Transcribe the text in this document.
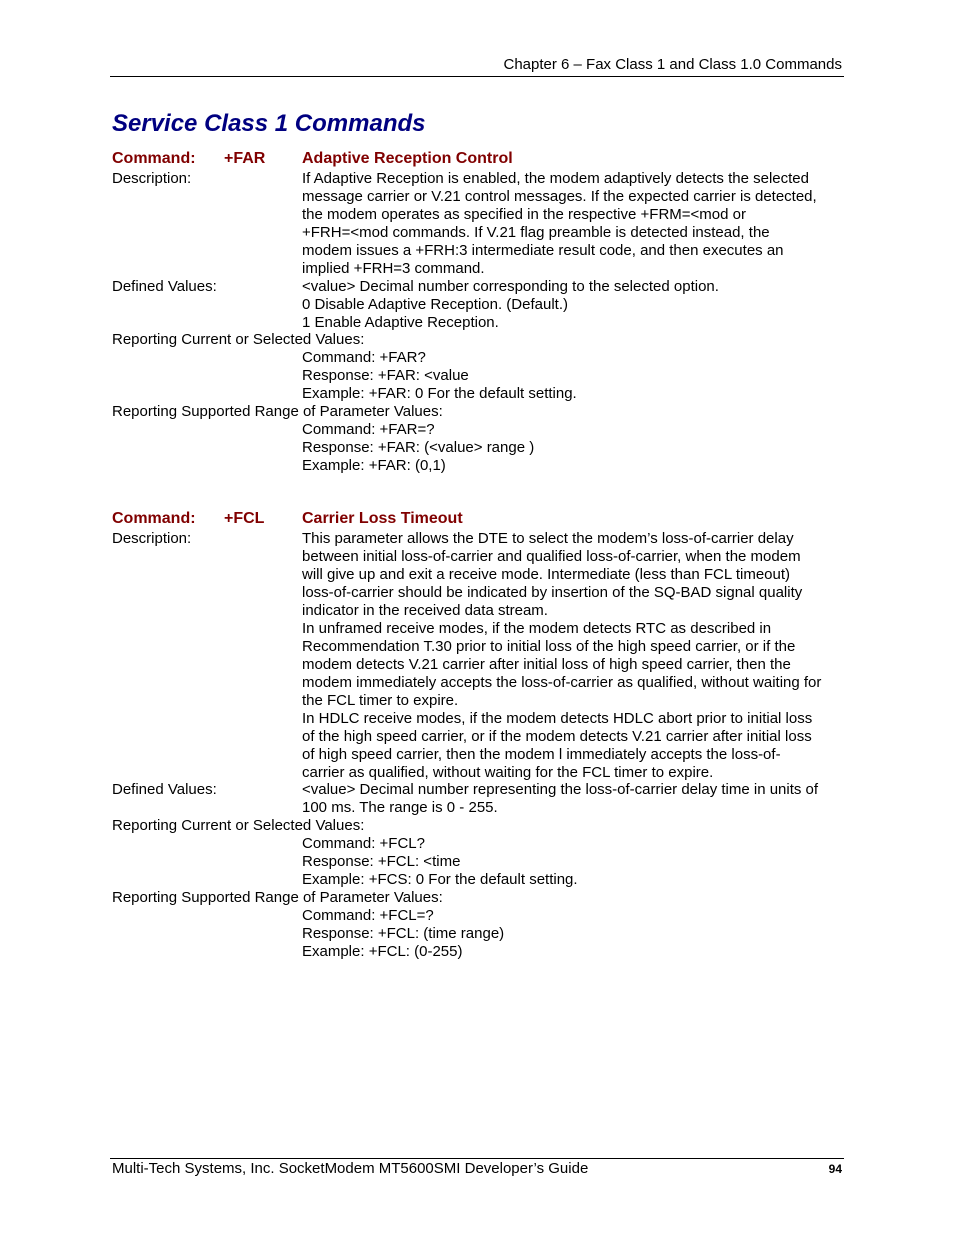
Chapter 6 – Fax Class 1 and Class 1.0 Commands
Service Class 1 Commands
Command: +FAR Adaptive Reception Control
Description:	If Adaptive Reception is enabled, the modem adaptively detects the selected
message carrier or V.21 control messages. If the expected carrier is detected,
the modem operates as specified in the respective +FRM=<mod or
+FRH=<mod commands. If V.21 flag preamble is detected instead, the
modem issues a +FRH:3 intermediate result code, and then executes an
implied +FRH=3 command.
Defined Values:	<value> Decimal number corresponding to the selected option.
0 Disable Adaptive Reception. (Default.)
1 Enable Adaptive Reception.
Reporting Current or Selected Values:
Command: +FAR?
Response: +FAR: <value
Example: +FAR: 0 For the default setting.
Reporting Supported Range of Parameter Values:
Command: +FAR=?
Response: +FAR: (<value> range )
Example: +FAR: (0,1)
Command: +FCL Carrier Loss Timeout
Description:	This parameter allows the DTE to select the modem’s loss-of-carrier delay
between initial loss-of-carrier and qualified loss-of-carrier, when the modem
will give up and exit a receive mode. Intermediate (less than FCL timeout)
loss-of-carrier should be indicated by insertion of the SQ-BAD signal quality
indicator in the received data stream.
In unframed receive modes, if the modem detects RTC as described in
Recommendation T.30 prior to initial loss of the high speed carrier, or if the
modem detects V.21 carrier after initial loss of high speed carrier, then the
modem immediately accepts the loss-of-carrier as qualified, without waiting for
the FCL timer to expire.
In HDLC receive modes, if the modem detects HDLC abort prior to initial loss
of the high speed carrier, or if the modem detects V.21 carrier after initial loss
of high speed carrier, then the modem l immediately accepts the loss-of-
carrier as qualified, without waiting for the FCL timer to expire.
Defined Values:	<value> Decimal number representing the loss-of-carrier delay time in units of
100 ms. The range is 0 - 255.
Reporting Current or Selected Values:
Command: +FCL?
Response: +FCL: <time
Example: +FCS: 0 For the default setting.
Reporting Supported Range of Parameter Values:
Command: +FCL=?
Response: +FCL: (time range)
Example: +FCL: (0-255)
Multi-Tech Systems, Inc. SocketModem MT5600SMI Developer’s Guide	94
